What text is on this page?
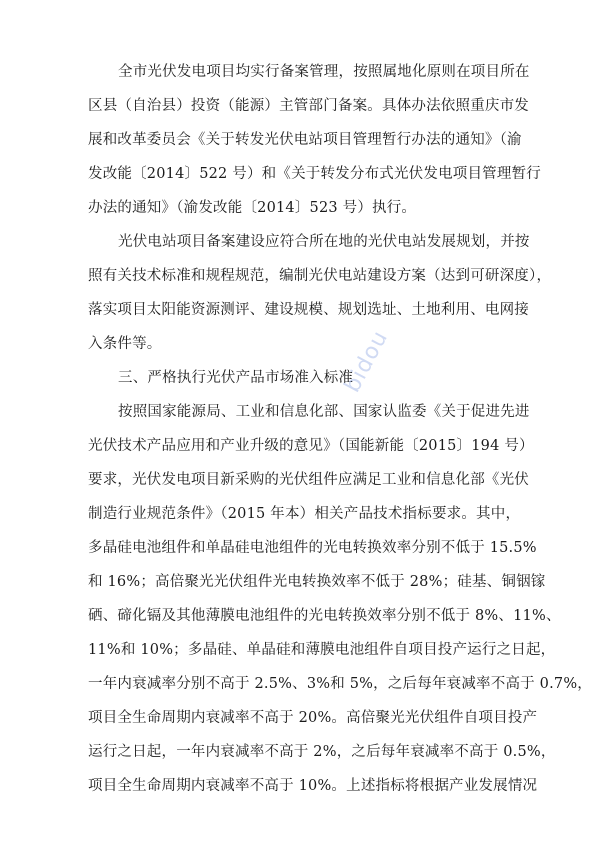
全市光伏发电项目均实行备案管理，按照属地化原则在项目所在
区县（自治县）投资（能源）主管部门备案。具体办法依照重庆市发
展和改革委员会《关于转发光伏电站项目管理暂行办法的通知》（渝
发改能〔2014〕522 号）和《关于转发分布式光伏发电项目管理暂行
办法的通知》（渝发改能〔2014〕523 号）执行。
光伏电站项目备案建设应符合所在地的光伏电站发展规划，并按
照有关技术标准和规程规范，编制光伏电站建设方案（达到可研深度），
落实项目太阳能资源测评、建设规模、规划选址、土地利用、电网接
入条件等。
三、严格执行光伏产品市场准入标准
按照国家能源局、工业和信息化部、国家认监委《关于促进先进
光伏技术产品应用和产业升级的意见》（国能新能〔2015〕194 号）
要求，光伏发电项目新采购的光伏组件应满足工业和信息化部《光伏
制造行业规范条件》（2015 年本）相关产品技术指标要求。其中，
多晶硅电池组件和单晶硅电池组件的光电转换效率分别不低于 15.5%
和 16%；高倍聚光光伏组件光电转换效率不低于 28%；硅基、铜铟镓
硒、碲化镉及其他薄膜电池组件的光电转换效率分别不低于 8%、11%、
11%和 10%；多晶硅、单晶硅和薄膜电池组件自项目投产运行之日起，
一年内衰减率分别不高于 2.5%、3%和 5%，之后每年衰减率不高于 0.7%，
项目全生命周期内衰减率不高于 20%。高倍聚光光伏组件自项目投产
运行之日起，一年内衰减率不高于 2%，之后每年衰减率不高于 0.5%，
项目全生命周期内衰减率不高于 10%。上述指标将根据产业发展情况
bidou
